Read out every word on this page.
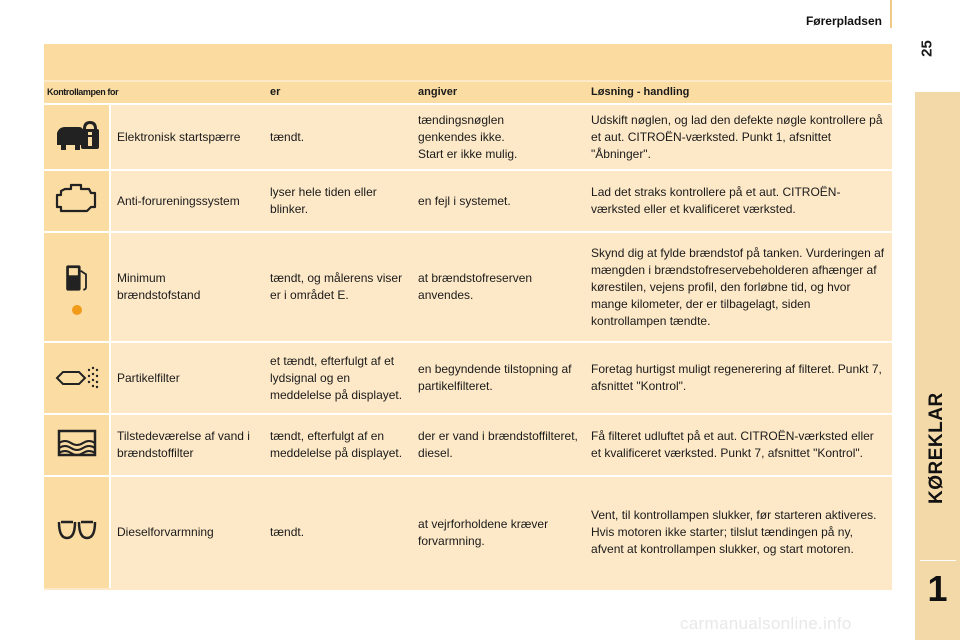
Førerpladsen
25
KØREKLAR
1
Kontrollampen for		er	angiver	Løsning - handling
	Elektronisk startspærre	tændt.	tændingsnøglen
genkendes ikke.
Start er ikke mulig.	Udskift nøglen, og lad den defekte nøgle kontrollere på et aut. CITROËN-værksted. Punkt 1, afsnittet "Åbninger".
	Anti-forureningssystem	lyser hele tiden eller blinker.	en fejl i systemet.	Lad det straks kontrollere på et aut. CITROËN-værksted eller et kvalificeret værksted.

	Minimum
brændstofstand	tændt, og målerens viser er i området E.	at brændstofreserven anvendes.	Skynd dig at fylde brændstof på tanken. Vurderingen af mængden i brændstofreservebeholderen afhænger af kørestilen, vejens profil, den forløbne tid, og hvor mange kilometer, der er tilbagelagt, siden kontrollampen tændte.
	Partikelfilter	et tændt, efterfulgt af et lydsignal og en meddelelse på displayet.	en begyndende tilstopning af partikelfilteret.	Foretag hurtigst muligt regenerering af filteret. Punkt 7, afsnittet "Kontrol".
	Tilstedeværelse af vand i brændstoffilter	tændt, efterfulgt af en meddelelse på displayet.	der er vand i brændstoffilteret, diesel.	Få filteret udluftet på et aut. CITROËN-værksted eller et kvalificeret værksted. Punkt 7, afsnittet "Kontrol".
	Dieselforvarmning	tændt.	at vejrforholdene kræver forvarmning.	Vent, til kontrollampen slukker, før starteren aktiveres.
Hvis motoren ikke starter; tilslut tændingen på ny, afvent at kontrollampen slukker, og start motoren.
carmanualsonline.info
